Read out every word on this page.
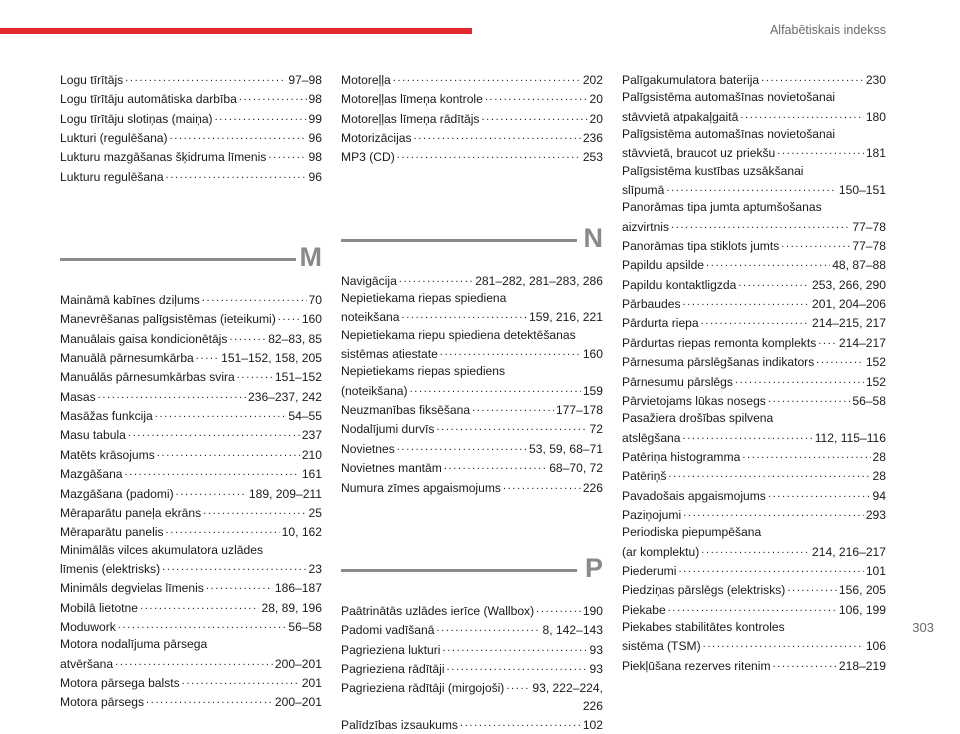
Alfabētiskais indekss
Logu tīrītājs . . .	97–98
Logu tīrītāju automātiska darbība . . .	98
Logu tīrītāju slotiņas (maiņa) . . .	99
Lukturi (regulēšana) . . .	96
Lukturu mazgāšanas šķidruma līmenis . . .	98
Lukturu regulēšana . . .	96
M
Maināmā kabīnes dziļums . . .	70
Manevrēšanas palīgsistēmas (ieteikumi) . . . 160
Manuālais gaisa kondicionētājs . . .	82–83, 85
Manuālā pārnesumkārba . . . 151–152, 158, 205
Manuālās pārnesumkārbas svira . . .	151–152
Masas . . .	236–237, 242
Masāžas funkcija . . .	54–55
Masu tabula . . .	237
Matēts krāsojums . . .	210
Mazgāšana . . .	161
Mazgāšana (padomi) . . .	189, 209–211
Mēraparātu paneļa ekrāns . . .	25
Mēraparātu panelis . . .	10, 162
Minimālās vilces akumulatora uzlādes
līmenis (elektrisks) . . .	23
Minimāls degvielas līmenis . . .	186–187
Mobilā lietotne . . .	28, 89, 196
Moduwork . . .	56–58
Motora nodalījuma pārsega
atvēršana . . .	200–201
Motora pārsega balsts . . .	201
Motora pārsegs . . .	200–201
Motoreļļa . . .	202
Motoreļļas līmeņa kontrole . . .	20
Motoreļļas līmeņa rādītājs . . .	20
Motorizācijas . . .	236
MP3 (CD) . . .	253
N
Navigācija . . .	281–282, 281–283, 286
Nepietiekama riepas spiediena
noteikšana . . .	159, 216, 221
Nepietiekama riepu spiediena detektēšanas
sistēmas atiestate . . .	160
Nepietiekams riepas spiediens
(noteikšana) . . .	159
Neuzmanības fiksēšana . . .	177–178
Nodalījumi durvīs . . .	72
Novietnes . . .	53, 59, 68–71
Novietnes mantām . . .	68–70, 72
Numura zīmes apgaismojums . . .	226
P
Paātrinātās uzlādes ierīce (Wallbox) . . .	190
Padomi vadīšanā . . .	8, 142–143
Pagrieziena lukturi . . .	93
Pagrieziena rādītāji . . .	93
Pagrieziena rādītāji (mirgojoši) . . . 93, 222–224,
226
Palīdzības izsaukums . . .	102
Palīgakumulatora baterija . . .	230
Palīgsistēma automašīnas novietošanai
stāvvietā atpakaļgaitā . . .	180
Palīgsistēma automašīnas novietošanai
stāvvietā, braucot uz priekšu . . .	181
Palīgsistēma kustības uzsākšanai
slīpumā . . .	150–151
Panorāmas tipa jumta aptumšošanas
aizvirtnis . . .	77–78
Panorāmas tipa stiklots jumts . . .	77–78
Papildu apsilde . . .	48, 87–88
Papildu kontaktligzda . . .	253, 266, 290
Pārbaudes . . .	201, 204–206
Pārdurta riepa . . .	214–215, 217
Pārdurtas riepas remonta komplekts . . . 214–217
Pārnesuma pārslēgšanas indikators . . .	152
Pārnesumu pārslēgs . . .	152
Pārvietojams lūkas nosegs . . .	56–58
Pasažiera drošības spilvena
atslēgšana . . .	112, 115–116
Patēriņa histogramma . . .	28
Patēriņš . . .	28
Pavadošais apgaismojums . . .	94
Paziņojumi . . .	293
Periodiska piepumpēšana
(ar komplektu) . . .	214, 216–217
Piederumi . . .	101
Piedziņas pārslēgs (elektrisks) . . .	156, 205
Piekabe . . .	106, 199
Piekabes stabilitātes kontroles
sistēma (TSM) . . .	106
Piekļūšana rezerves ritenim . . .	218–219
303
